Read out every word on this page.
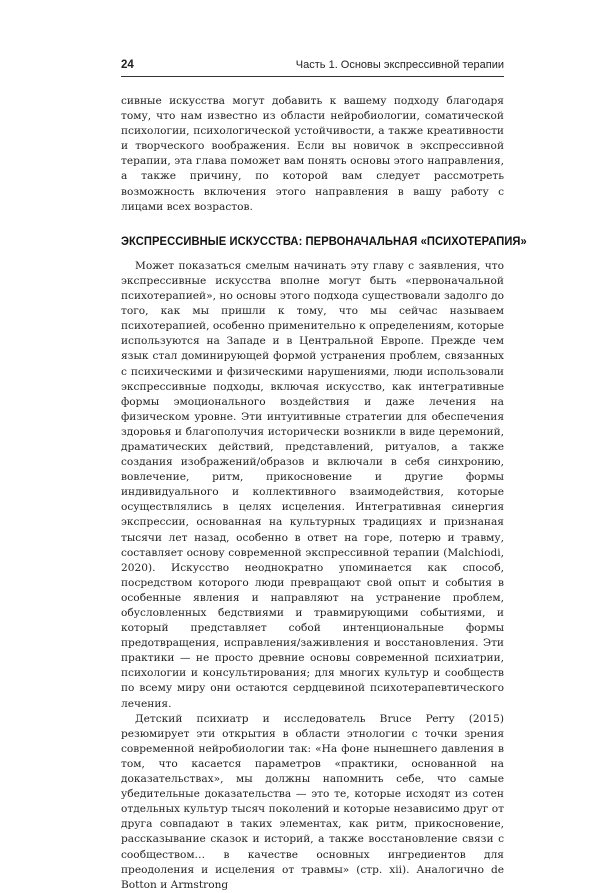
24	Часть 1. Основы экспрессивной терапии

сивные искусства могут добавить к вашему подходу благодаря тому, что нам известно из области нейробиологии, соматической психологии, психологической устойчивости, а также креативности и творческого воображения. Если вы новичок в экспрессивной терапии, эта глава поможет вам понять основы этого направления, а также причину, по которой вам следует рассмотреть возможность включения этого направления в вашу работу с лицами всех возрастов.

ЭКСПРЕССИВНЫЕ ИСКУССТВА: ПЕРВОНАЧАЛЬНАЯ «ПСИХОТЕРАПИЯ»

Может показаться смелым начинать эту главу с заявления, что экспрессивные искусства вполне могут быть «первоначальной психотерапией», но основы этого подхода существовали задолго до того, как мы пришли к тому, что мы сейчас называем психотерапией, особенно применительно к определениям, которые используются на Западе и в Центральной Европе. Прежде чем язык стал доминирующей формой устранения проблем, связанных с психическими и физическими нарушениями, люди использовали экспрессивные подходы, включая искусство, как интегративные формы эмоционального воздействия и даже лечения на физическом уровне. Эти интуитивные стратегии для обеспечения здоровья и благополучия исторически возникли в виде церемоний, драматических действий, представлений, ритуалов, а также создания изображений/образов и включали в себя синхронию, вовлечение, ритм, прикосновение и другие формы индивидуального и коллективного взаимодействия, которые осуществлялись в целях исцеления. Интегративная синергия экспрессии, основанная на культурных традициях и признаная тысячи лет назад, особенно в ответ на горе, потерю и травму, составляет основу современной экспрессивной терапии (Malchiodi, 2020). Искусство неоднократно упоминается как способ, посредством которого люди превращают свой опыт и события в особенные явления и направляют на устранение проблем, обусловленных бедствиями и травмирующими событиями, и который представляет собой интенциональные формы предотвращения, исправления/заживления и восстановления. Эти практики — не просто древние основы современной психиатрии, психологии и консультирования; для многих культур и сообществ по всему миру они остаются сердцевиной психотерапевтического лечения.

Детский психиатр и исследователь Bruce Perry (2015) резюмирует эти открытия в области этнологии с точки зрения современной нейробиологии так: «На фоне нынешнего давления в том, что касается параметров «практики, основанной на доказательствах», мы должны напомнить себе, что самые убедительные доказательства — это те, которые исходят из сотен отдельных культур тысяч поколений и которые независимо друг от друга совпадают в таких элементах, как ритм, прикосновение, рассказывание сказок и историй, а также восстановление связи с сообществом… в качестве основных ингредиентов для преодоления и исцеления от травмы» (стр. xii). Аналогично de Botton и Armstrong
